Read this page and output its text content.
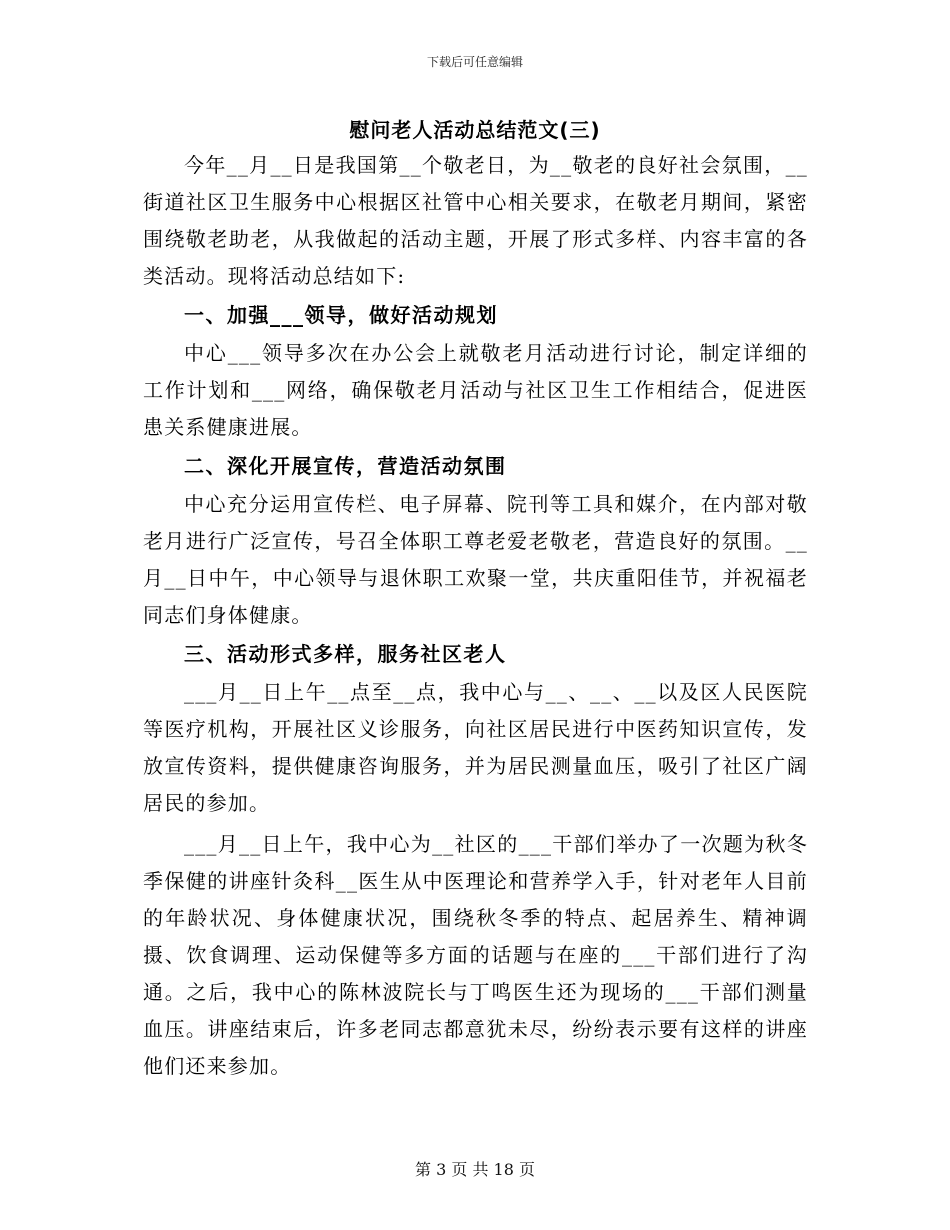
下载后可任意编辑
慰问老人活动总结范文(三)

今年__月__日是我国第__个敬老日，为__敬老的良好社会氛围，__街道社区卫生服务中心根据区社管中心相关要求，在敬老月期间，紧密围绕敬老助老，从我做起的活动主题，开展了形式多样、内容丰富的各类活动。现将活动总结如下:

一、加强___领导，做好活动规划

中心___领导多次在办公会上就敬老月活动进行讨论，制定详细的工作计划和___网络，确保敬老月活动与社区卫生工作相结合，促进医患关系健康进展。

二、深化开展宣传，营造活动氛围

中心充分运用宣传栏、电子屏幕、院刊等工具和媒介，在内部对敬老月进行广泛宣传，号召全体职工尊老爱老敬老，营造良好的氛围。__月__日中午，中心领导与退休职工欢聚一堂，共庆重阳佳节，并祝福老同志们身体健康。

三、活动形式多样，服务社区老人

___月__日上午__点至__点，我中心与__、__、__以及区人民医院等医疗机构，开展社区义诊服务，向社区居民进行中医药知识宣传，发放宣传资料，提供健康咨询服务，并为居民测量血压，吸引了社区广阔居民的参加。

___月__日上午，我中心为__社区的___干部们举办了一次题为秋冬季保健的讲座针灸科__医生从中医理论和营养学入手，针对老年人目前的年龄状况、身体健康状况，围绕秋冬季的特点、起居养生、精神调摄、饮食调理、运动保健等多方面的话题与在座的___干部们进行了沟通。之后，我中心的陈林波院长与丁鸣医生还为现场的___干部们测量血压。讲座结束后，许多老同志都意犹未尽，纷纷表示要有这样的讲座他们还来参加。

第 3 页 共 18 页
